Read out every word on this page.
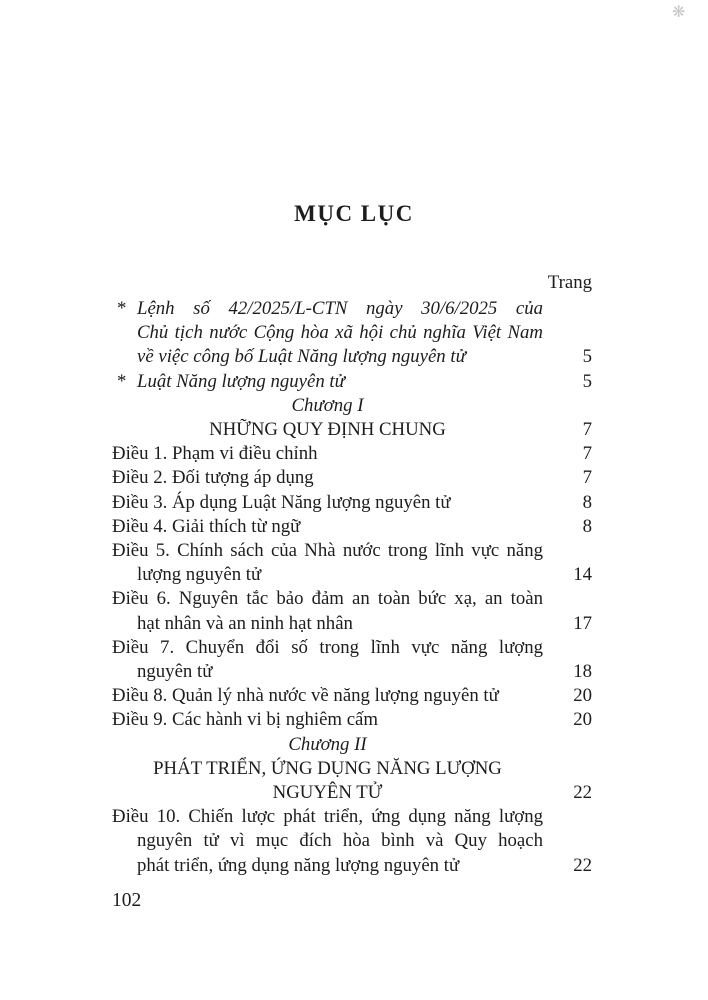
❋
MỤC LỤC
Trang
* Lệnh số 42/2025/L-CTN ngày 30/6/2025 của
Chủ tịch nước Cộng hòa xã hội chủ nghĩa Việt Nam
về việc công bố Luật Năng lượng nguyên tử	5
* Luật Năng lượng nguyên tử	5
Chương I
NHỮNG QUY ĐỊNH CHUNG	7
Điều 1. Phạm vi điều chỉnh	7
Điều 2. Đối tượng áp dụng	7
Điều 3. Áp dụng Luật Năng lượng nguyên tử	8
Điều 4. Giải thích từ ngữ	8
Điều 5. Chính sách của Nhà nước trong lĩnh vực năng
lượng nguyên tử	14
Điều 6. Nguyên tắc bảo đảm an toàn bức xạ, an toàn
hạt nhân và an ninh hạt nhân	17
Điều 7. Chuyển đổi số trong lĩnh vực năng lượng
nguyên tử	18
Điều 8. Quản lý nhà nước về năng lượng nguyên tử	20
Điều 9. Các hành vi bị nghiêm cấm	20
Chương II
PHÁT TRIỂN, ỨNG DỤNG NĂNG LƯỢNG
NGUYÊN TỬ	22
Điều 10. Chiến lược phát triển, ứng dụng năng lượng
nguyên tử vì mục đích hòa bình và Quy hoạch
phát triển, ứng dụng năng lượng nguyên tử	22
102
